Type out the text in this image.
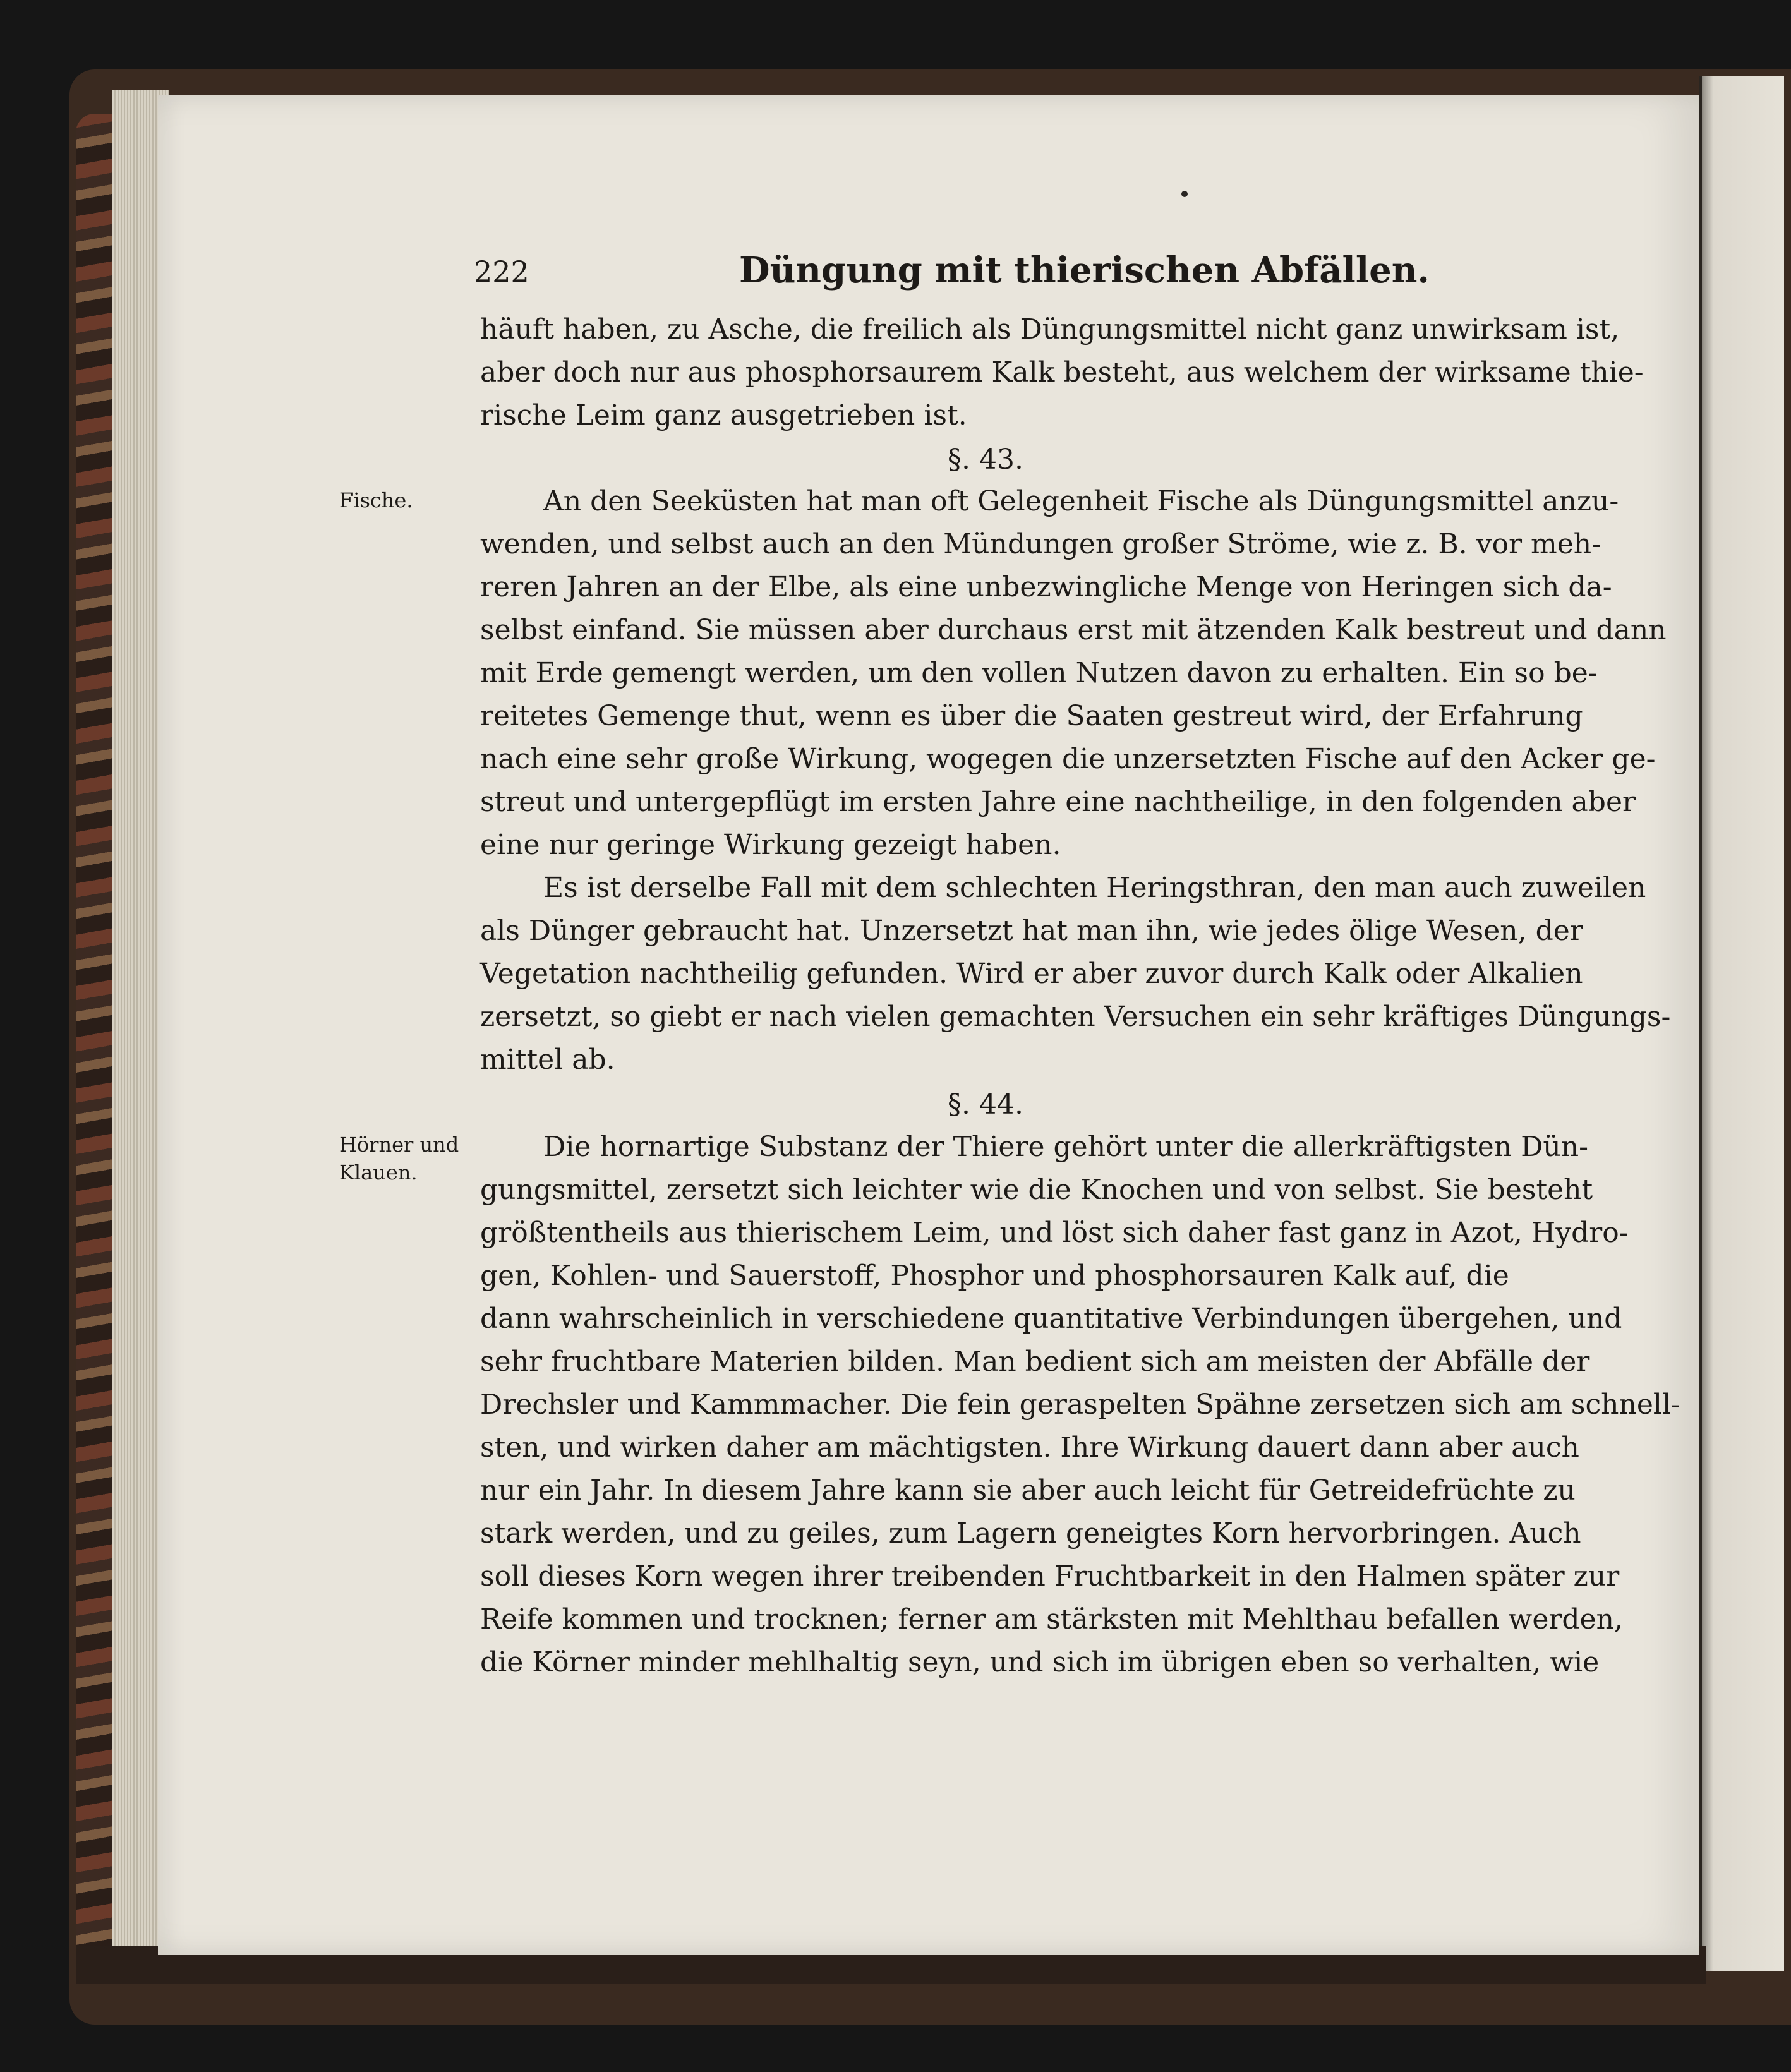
222	Düngung mit thierischen Abfällen.
Fische.
Hörner und
Klauen.
§. 43.
§. 44.
häuft haben, zu Asche, die freilich als Düngungsmittel nicht ganz unwirksam ist,
aber doch nur aus phosphorsaurem Kalk besteht, aus welchem der wirksame thie-
rische Leim ganz ausgetrieben ist.
An den Seeküsten hat man oft Gelegenheit Fische als Düngungsmittel anzu-
wenden, und selbst auch an den Mündungen großer Ströme, wie z. B. vor meh-
reren Jahren an der Elbe, als eine unbezwingliche Menge von Heringen sich da-
selbst einfand. Sie müssen aber durchaus erst mit ätzenden Kalk bestreut und dann
mit Erde gemengt werden, um den vollen Nutzen davon zu erhalten. Ein so be-
reitetes Gemenge thut, wenn es über die Saaten gestreut wird, der Erfahrung
nach eine sehr große Wirkung, wogegen die unzersetzten Fische auf den Acker ge-
streut und untergepflügt im ersten Jahre eine nachtheilige, in den folgenden aber
eine nur geringe Wirkung gezeigt haben.
Es ist derselbe Fall mit dem schlechten Heringsthran, den man auch zuweilen
als Dünger gebraucht hat. Unzersetzt hat man ihn, wie jedes ölige Wesen, der
Vegetation nachtheilig gefunden. Wird er aber zuvor durch Kalk oder Alkalien
zersetzt, so giebt er nach vielen gemachten Versuchen ein sehr kräftiges Düngungs-
mittel ab.
Die hornartige Substanz der Thiere gehört unter die allerkräftigsten Dün-
gungsmittel, zersetzt sich leichter wie die Knochen und von selbst. Sie besteht
größtentheils aus thierischem Leim, und löst sich daher fast ganz in Azot, Hydro-
gen, Kohlen- und Sauerstoff, Phosphor und phosphorsauren Kalk auf, die
dann wahrscheinlich in verschiedene quantitative Verbindungen übergehen, und
sehr fruchtbare Materien bilden. Man bedient sich am meisten der Abfälle der
Drechsler und Kammmacher. Die fein geraspelten Spähne zersetzen sich am schnell-
sten, und wirken daher am mächtigsten. Ihre Wirkung dauert dann aber auch
nur ein Jahr. In diesem Jahre kann sie aber auch leicht für Getreidefrüchte zu
stark werden, und zu geiles, zum Lagern geneigtes Korn hervorbringen. Auch
soll dieses Korn wegen ihrer treibenden Fruchtbarkeit in den Halmen später zur
Reife kommen und trocknen; ferner am stärksten mit Mehlthau befallen werden,
die Körner minder mehlhaltig seyn, und sich im übrigen eben so verhalten, wie
